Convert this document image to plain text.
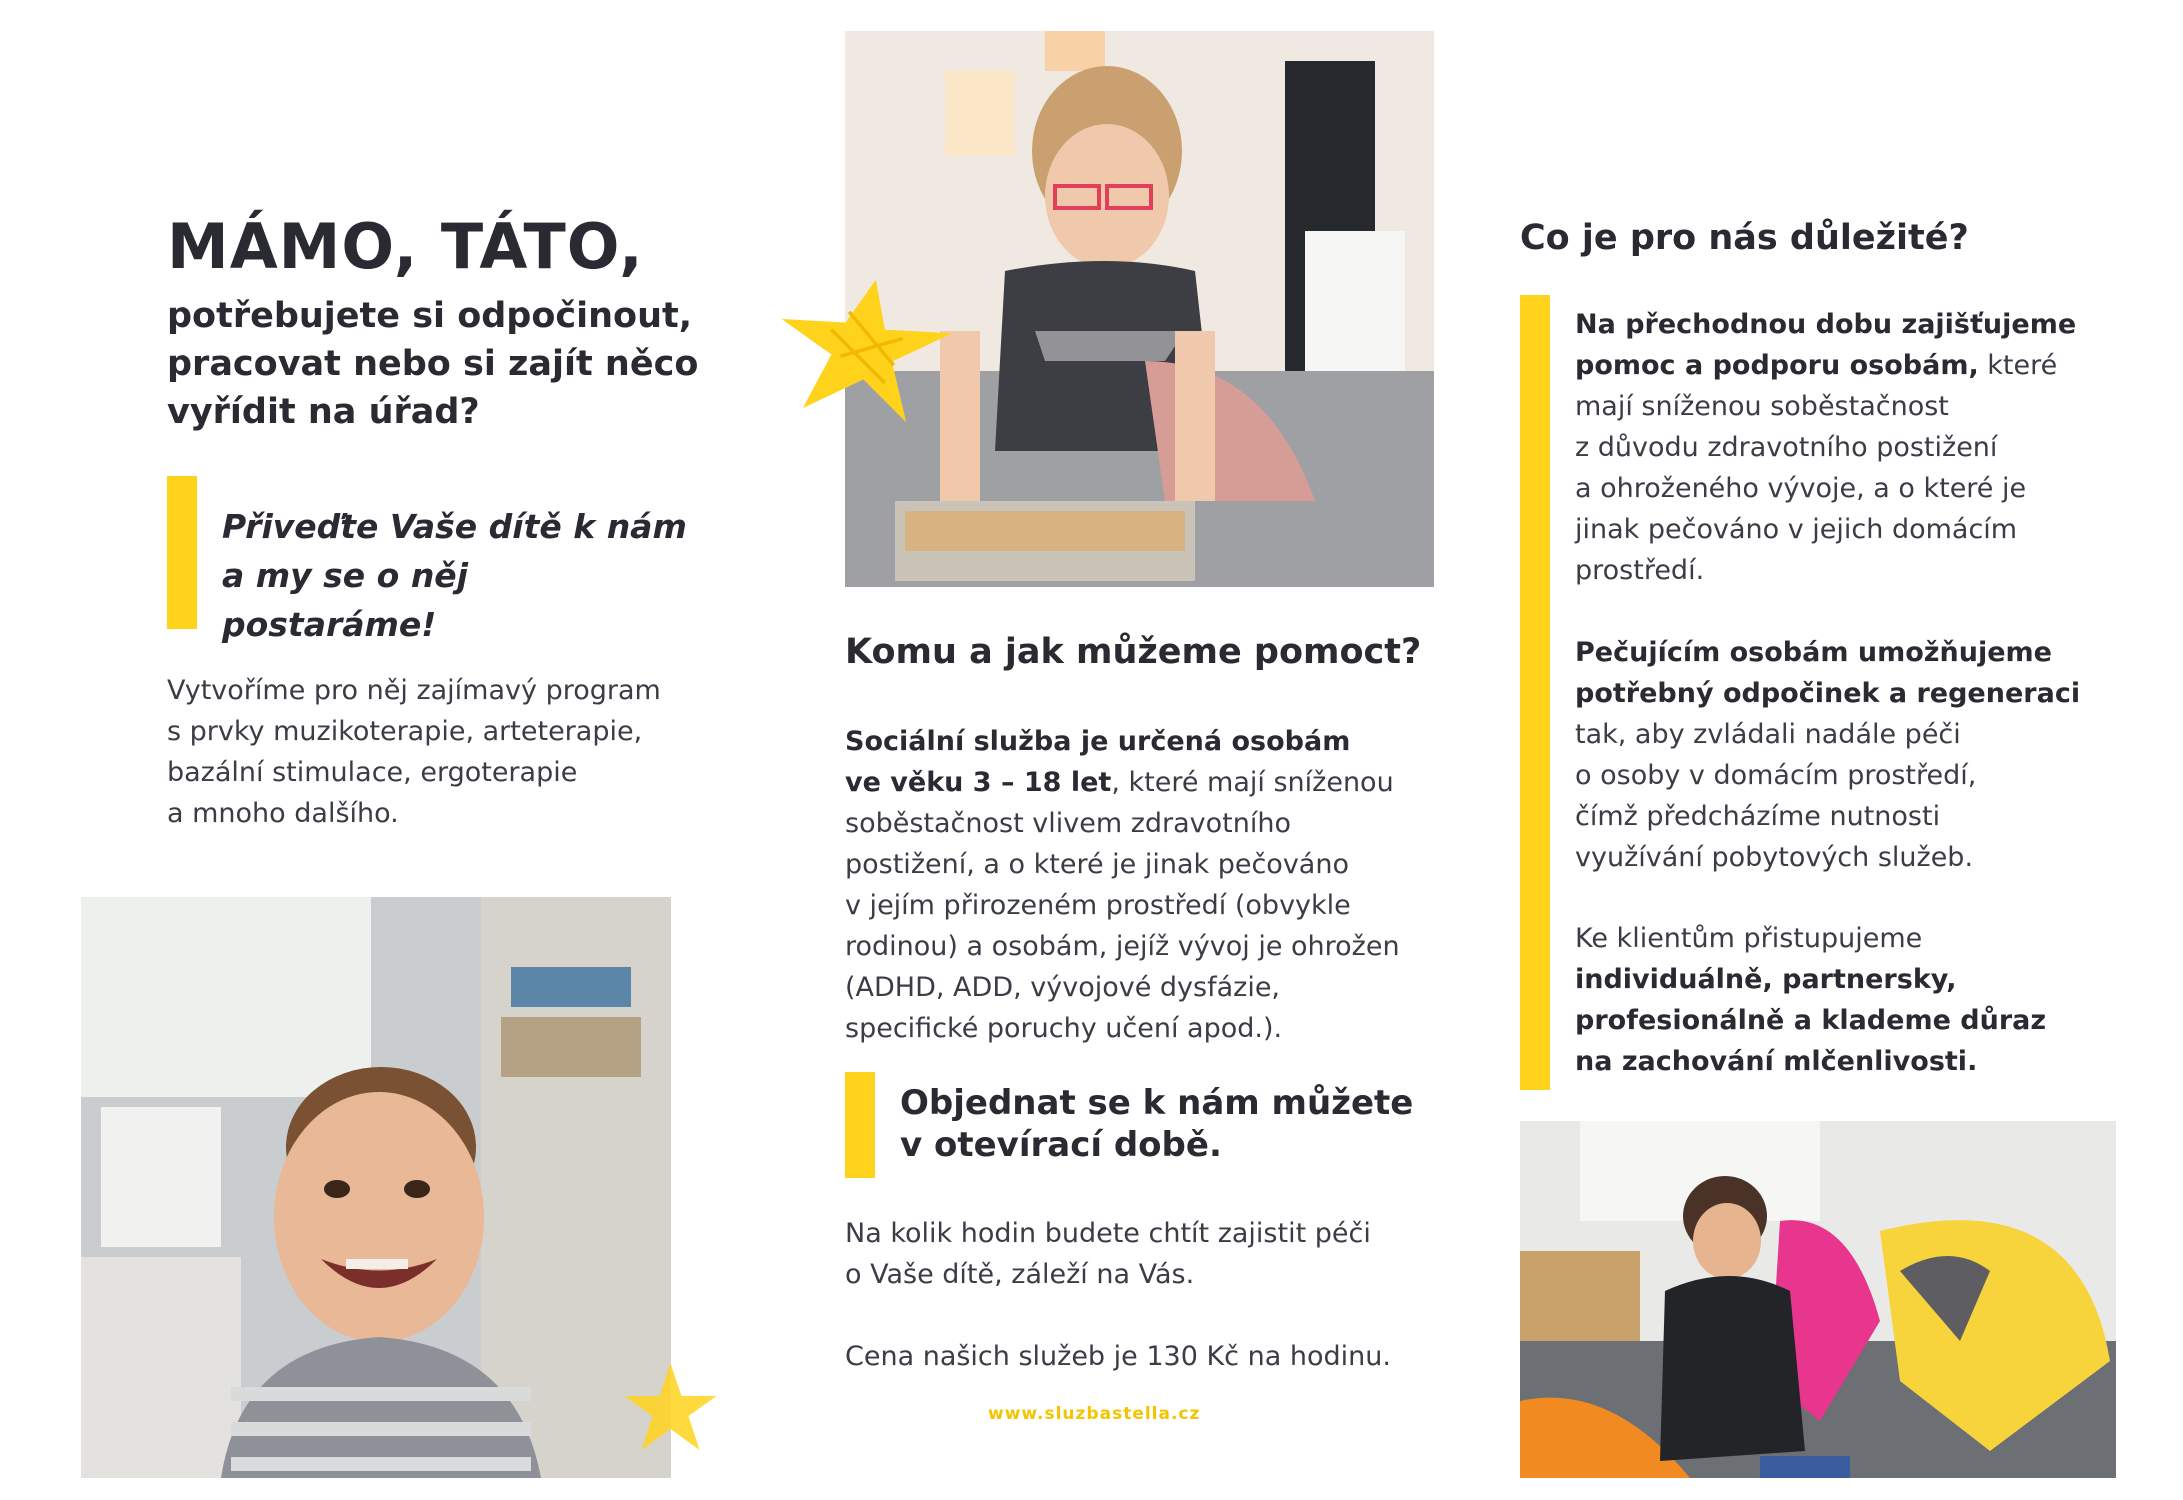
MÁMO, TÁTO,
potřebujete si odpočinout, pracovat nebo si zajít něco vyřídit na úřad?
Přiveďte Vaše dítě k nám
a my se o něj postaráme!
Vytvoříme pro něj zajímavý program
s prvky muzikoterapie, arteterapie,
bazální stimulace, ergoterapie
a mnoho dalšího.
Komu a jak můžeme pomoct?
Sociální služba je určená osobám
ve věku 3 – 18 let, které mají sníženou
soběstačnost vlivem zdravotního
postižení, a o které je jinak pečováno
v jejím přirozeném prostředí (obvykle
rodinou) a osobám, jejíž vývoj je ohrožen
(ADHD, ADD, vývojové dysfázie,
specifické poruchy učení apod.).
Objednat se k nám můžete
v otevírací době.
Na kolik hodin budete chtít zajistit péči
o Vaše dítě, záleží na Vás.
Cena našich služeb je 130 Kč na hodinu.
www.sluzbastella.cz
Co je pro nás důležité?
Na přechodnou dobu zajišťujeme
pomoc a podporu osobám, které
mají sníženou soběstačnost
z důvodu zdravotního postižení
a ohroženého vývoje, a o které je
jinak pečováno v jejich domácím
prostředí.
Pečujícím osobám umožňujeme
potřebný odpočinek a regeneraci
tak, aby zvládali nadále péči
o osoby v domácím prostředí,
čímž předcházíme nutnosti
využívání pobytových služeb.
Ke klientům přistupujeme
individuálně, partnersky,
profesionálně a klademe důraz
na zachování mlčenlivosti.
